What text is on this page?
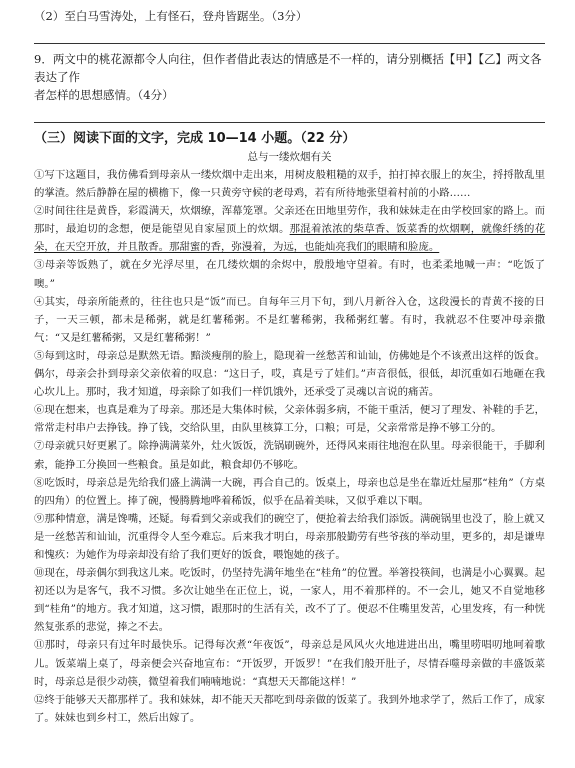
（2）至白马雪涛处，上有怪石，登舟皆踞坐。（3分）

9．两文中的桃花源都令人向往，但作者借此表达的情感是不一样的，请分别概括【甲】【乙】两文各表达了作
者怎样的思想感情。（4分）

（三）阅读下面的文字，完成 10—14 小题。（22 分）
总与一缕炊烟有关

①写下这题目，我仿佛看到母亲从一缕炊烟中走出来，用树皮般粗糙的双手，拍打掉衣服上的灰尘，捋捋散乱里的掌渣。然后静静在屋的横檐下，像一只黄旁守候的老母鸡，若有所待地张望着村前的小路……

②时间往往是黄昏，彩霞满天，炊烟缭，浑幕笼罩。父亲还在田地里劳作，我和妹妹走在由学校回家的路上。而那时，最迫切的念想，便是能望见自家屋顶上的炊烟。那混着浓浓的柴草香、饭菜香的炊烟啊，就像纤绣的花朵，在天空开放，并且散香。那甜蜜的香，弥漫着，为远，也能灿亮我们的眼睛和脸庞。

③母亲等饭熟了，就在夕光浮尽里，在几缕炊烟的余烬中，殷殷地守望着。有时，也柔柔地喊一声：“吃饭了噢。”

④其实，母亲所能煮的，往往也只是“饭”而已。自每年三月下旬，到八月新谷入仓，这段漫长的青黄不接的日子，一天三顿，都未是稀粥，就是红薯稀粥。不是红薯稀粥，我稀粥红薯。有时，我就忍不住要冲母亲撒气：“又是红薯稀粥，又是红薯稀粥！”

⑤每到这时，母亲总是默然无语。黯淡瘦削的脸上，隐现着一丝愁苦和讪讪，仿佛她是个不该煮出这样的饭食。偶尔，母亲会扑到母亲父亲依着的叹息：“这日子，哎，真是亏了娃们。”声音很低，很低，却沉重如石地砸在我心坎儿上。那时，我才知道，母亲除了如我们一样饥饿外，还承受了灵魂以言说的痛苦。

⑥现在想来，也真是难为了母亲。那还是大集体时候，父亲体弱多病，不能干重活，便习了理发、补鞋的手艺，常常走村串户去挣钱。挣了钱，交给队里，由队里核算工分，口粮；可是，父亲常常是挣不够工分的。

⑦母亲就只好更累了。除挣满满菜外，灶火饭饭，洗锅刷碗外，还得风来雨往地泡在队里。母亲很能干，手脚利索，能挣工分换回一些粮食。虽是如此，粮食却仍不够吃。

⑧吃饭时，母亲总是先给我们盛上满满一大碗，再合自己的。饭桌上，母亲也总是坐在靠近灶屋那“桂角”（方桌的四角）的位置上。捧了碗，慢腾腾地哗着稀饭，似乎在品着美味，又似乎难以下咽。

⑨那种情意，满是馋嘴，还疑。每看到父亲或我们的碗空了，便抢着去给我们添饭。满碗锅里也没了，脸上就又是一丝愁苦和讪讪，沉重得令人至今难忘。后来我才明白，母亲那般勤劳有些爷孩的举动里，更多的，却是谦卑和愧疚：为她作为母亲却没有给了我们更好的饭食，喂饱她的孩子。

⑩现在，母亲偶尔到我这儿来。吃饭时，仍坚持先满年地坐在“桂角”的位置。举箸投筷间，也满是小心翼翼。起初还以为是客气，我不习惯。多次让她坐在正位上，说，一家人，用不着那样的。不一会儿，她又不自觉地移到“桂角”的地方。我才知道，这习惯，跟那时的生活有关，改不了了。便忍不住嘴里发苦，心里发疼，有一种恍然复张系的悲觉，捧之不去。

⑪那时，母亲只有过年时最快乐。记得每次煮“年夜饭”，母亲总是风风火火地进进出出，嘴里唠唱叨地呵着歌儿。饭菜端上桌了，母亲便会兴奋地宣布：“开饭罗，开饭罗！”在我们般开肚子，尽情吞噬母亲做的丰盛饭菜时，母亲总是很少动筷，微望着我们喃喃地说：“真想天天都能这样！”

⑫终于能够天天都那样了。我和妹妹，却不能天天都吃到母亲做的饭菜了。我到外地求学了，然后工作了，成家了。妹妹也到乡村工，然后出嫁了。
